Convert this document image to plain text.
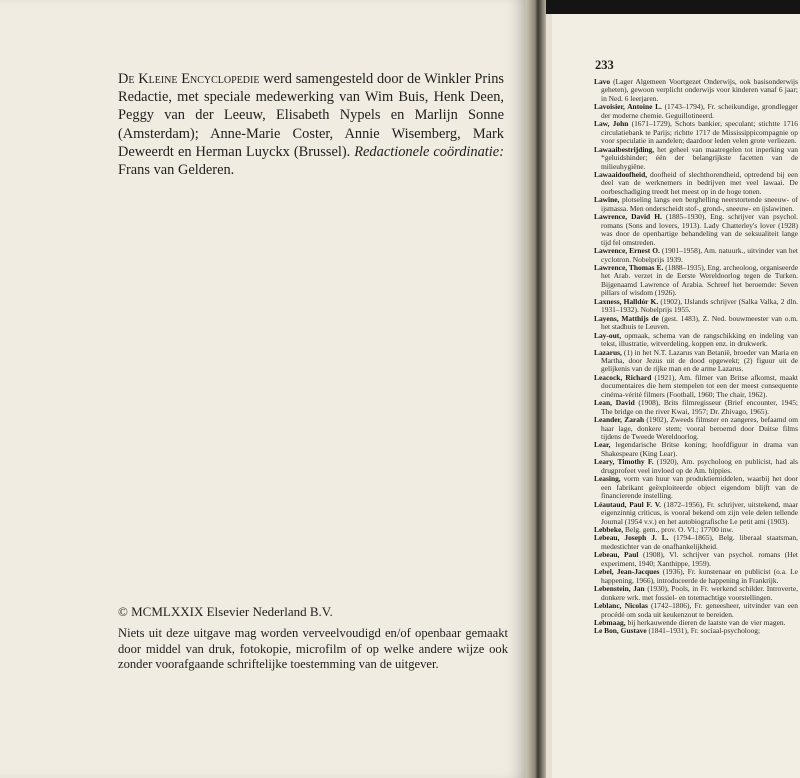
De Kleine Encyclopedie werd samengesteld door de Winkler Prins Redactie, met speciale medewerking van Wim Buis, Henk Deen, Peggy van der Leeuw, Elisabeth Nypels en Marlijn Sonne (Amsterdam); Anne-Marie Coster, Annie Wisemberg, Mark Deweerdt en Herman Luyckx (Brussel). Redactionele coördinatie: Frans van Gelderen.
© MCMLXXIX Elsevier Nederland B.V.
Niets uit deze uitgave mag worden verveelvoudigd en/of openbaar gemaakt door middel van druk, fotokopie, microfilm of op welke andere wijze ook zonder voorafgaande schriftelijke toestemming van de uitgever.
233

Lavo (Lager Algemeen Voortgezet Onderwijs, ook basisonderwijs geheten), gewoon verplicht onderwijs voor kinderen vanaf 6 jaar; in Ned. 6 leerjaren.

Lavoisier, Antoine L. (1743–1794), Fr. scheikundige, grondlegger der moderne chemie. Geguillotineerd.

Law, John (1671–1729), Schots bankier, speculant; stichtte 1716 circulatiebank te Parijs; richtte 1717 de Mississippicompagnie op voor speculatie in aandelen; daardoor leden velen grote verliezen.

Lawaaibestrijding, het geheel van maatregelen tot inperking van *geluidshinder; één der belangrijkste facetten van de milieuhygiëne.

Lawaaidoofheid, doofheid of slechthorendheid, optredend bij een deel van de werknemers in bedrijven met veel lawaai. De oorbeschadiging treedt het meest op in de hoge tonen.

Lawine, plotseling langs een berghelling neerstortende sneeuw- of ijsmassa. Men onderscheidt stof-, grond-, sneeuw- en ijslawinen.

Lawrence, David H. (1885–1930), Eng. schrijver van psychol. romans (Sons and lovers, 1913). Lady Chatterley's lover (1928) was door de openhartige behandeling van de seksualiteit lange tijd fel omstreden.

Lawrence, Ernest O. (1901–1958), Am. natuurk., uitvinder van het cyclotron. Nobelprijs 1939.

Lawrence, Thomas E. (1888–1935), Eng. archeoloog, organiseerde het Arab. verzet in de Eerste Wereldoorlog tegen de Turken. Bijgenaamd Lawrence of Arabia. Schreef het beroemde: Seven pillars of wisdom (1926).

Laxness, Halldór K. (1902), IJslands schrijver (Salka Valka, 2 dln. 1931–1932). Nobelprijs 1955.

Layens, Matthijs de (gest. 1483), Z. Ned. bouwmeester van o.m. het stadhuis te Leuven.

Lay-out, opmaak, schema van de rangschikking en indeling van tekst, illustratie, witverdeling, koppen enz. in drukwerk.

Lazarus, (1) in het N.T. Lazarus van Betanië, broeder van Maria en Martha, door Jezus uit de dood opgewekt; (2) figuur uit de gelijkenis van de rijke man en de arme Lazarus.

Leacock, Richard (1921), Am. filmer van Britse afkomst, maakt documentaires die hem stempelen tot een der meest consequente cinéma-vérité filmers (Football, 1960; The chair, 1962).

Lean, David (1908), Brits filmregisseur (Brief encounter, 1945; The bridge on the river Kwai, 1957; Dr. Zhivago, 1965).

Leander, Zarah (1902), Zweeds filmster en zangeres, befaamd om haar lage, donkere stem; vooral beroemd door Duitse films tijdens de Tweede Wereldoorlog.

Lear, legendarische Britse koning; hoofdfiguur in drama van Shakespeare (King Lear).

Leary, Timothy F. (1920), Am. psycholoog en publicist, had als drugprofeet veel invloed op de Am. hippies.

Leasing, vorm van huur van produktiemiddelen, waarbij het door een fabrikant geëxploiteerde object eigendom blijft van de financierende instelling.

Léautaud, Paul F. V. (1872–1956), Fr. schrijver, uitstekend, maar eigenzinnig criticus, is vooral bekend om zijn vele delen tellende Journal (1954 v.v.) en het autobiografische Le petit ami (1903).

Lebbeke, Belg. gem., prov. O. Vl.; 17700 inw.

Lebeau, Joseph J. L. (1794–1865), Belg. liberaal staatsman, medestichter van de onafhankelijkheid.

Lebeau, Paul (1908), Vl. schrijver van psychol. romans (Het experiment, 1940; Xanthippe, 1959).

Lebel, Jean-Jacques (1936), Fr. kunstenaar en publicist (o.a. Le happening, 1966), introduceerde de happening in Frankrijk.

Lebenstein, Jan (1930), Pools, in Fr. werkend schilder. Introverte, donkere wrk. met fossiel- en totemachtige voorstellingen.

Leblanc, Nicolas (1742–1806), Fr. geneesheer, uitvinder van een procédé om soda uit keukenzout te bereiden.

Lebmaag, bij herkauwende dieren de laatste van de vier magen.

Le Bon, Gustave (1841–1931), Fr. sociaal-psycholoog;
